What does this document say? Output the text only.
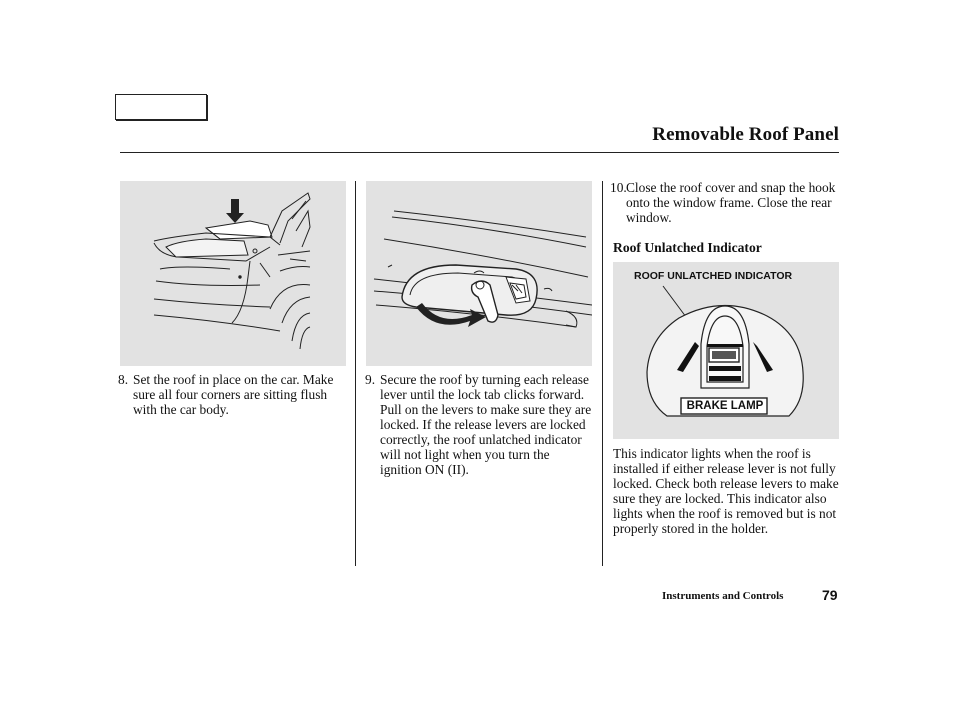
Removable Roof Panel
8. Set the roof in place on the car. Make sure all four corners are sitting flush with the car body.
9. Secure the roof by turning each release lever until the lock tab clicks forward. Pull on the levers to make sure they are locked. If the release levers are locked correctly, the roof unlatched indicator will not light when you turn the ignition ON (II).
10. Close the roof cover and snap the hook onto the window frame. Close the rear window.
Roof Unlatched Indicator
ROOF UNLATCHED INDICATOR
BRAKE LAMP
This indicator lights when the roof is installed if either release lever is not fully locked. Check both release levers to make sure they are locked. This indicator also lights when the roof is removed but is not properly stored in the holder.
Instruments and Controls	79
